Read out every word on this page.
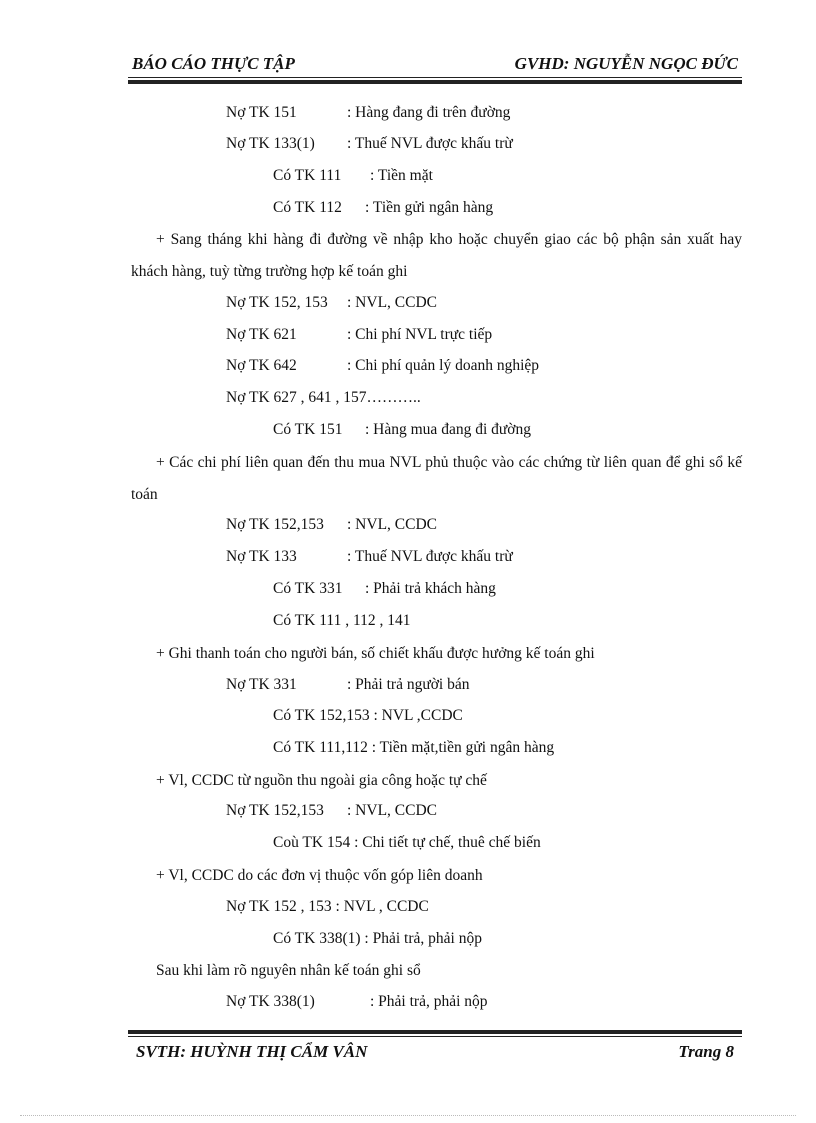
BÁO CÁO THỰC TẬP	GVHD: NGUYỄN NGỌC ĐỨC
Nợ TK 151	: Hàng đang đi trên đường
Nợ TK 133(1) : Thuế NVL được khấu trừ
Có TK 111 : Tiền mặt
Có TK 112 : Tiền gửi ngân hàng
+ Sang tháng khi hàng đi đường về nhập kho hoặc chuyển giao các bộ phận sản xuất hay khách hàng, tuỳ từng trường hợp kế toán ghi
Nợ TK 152, 153 : NVL, CCDC
Nợ TK 621	: Chi phí NVL trực tiếp
Nợ TK 642	: Chi phí quản lý doanh nghiệp
Nợ TK 627 , 641 , 157………..
Có TK 151 : Hàng mua đang đi đường
+ Các chi phí liên quan đến thu mua NVL phủ thuộc vào các chứng từ liên quan để ghi sổ kế toán
Nợ TK 152,153 : NVL, CCDC
Nợ TK 133	: Thuế NVL được khấu trừ
Có TK 331 : Phải trả khách hàng
Có TK 111 , 112 , 141
+ Ghi thanh toán cho người bán, số chiết khấu được hưởng kế toán ghi
Nợ TK 331	: Phải trả người bán
Có TK 152,153 : NVL ,CCDC
Có TK 111,112 : Tiền mặt,tiền gửi ngân hàng
+ Vl, CCDC từ nguồn thu ngoài gia công hoặc tự chế
Nợ TK 152,153 : NVL, CCDC
Coù TK 154 : Chi tiết tự chế, thuê chế biến
+ Vl, CCDC do các đơn vị thuộc vốn góp liên doanh
Nợ TK 152 , 153 : NVL , CCDC
Có TK 338(1) : Phải trả, phải nộp
Sau khi làm rõ nguyên nhân kế toán ghi sổ
Nợ TK 338(1)	: Phải trả, phải nộp
SVTH: HUỲNH THỊ CẨM VÂN	Trang 8
